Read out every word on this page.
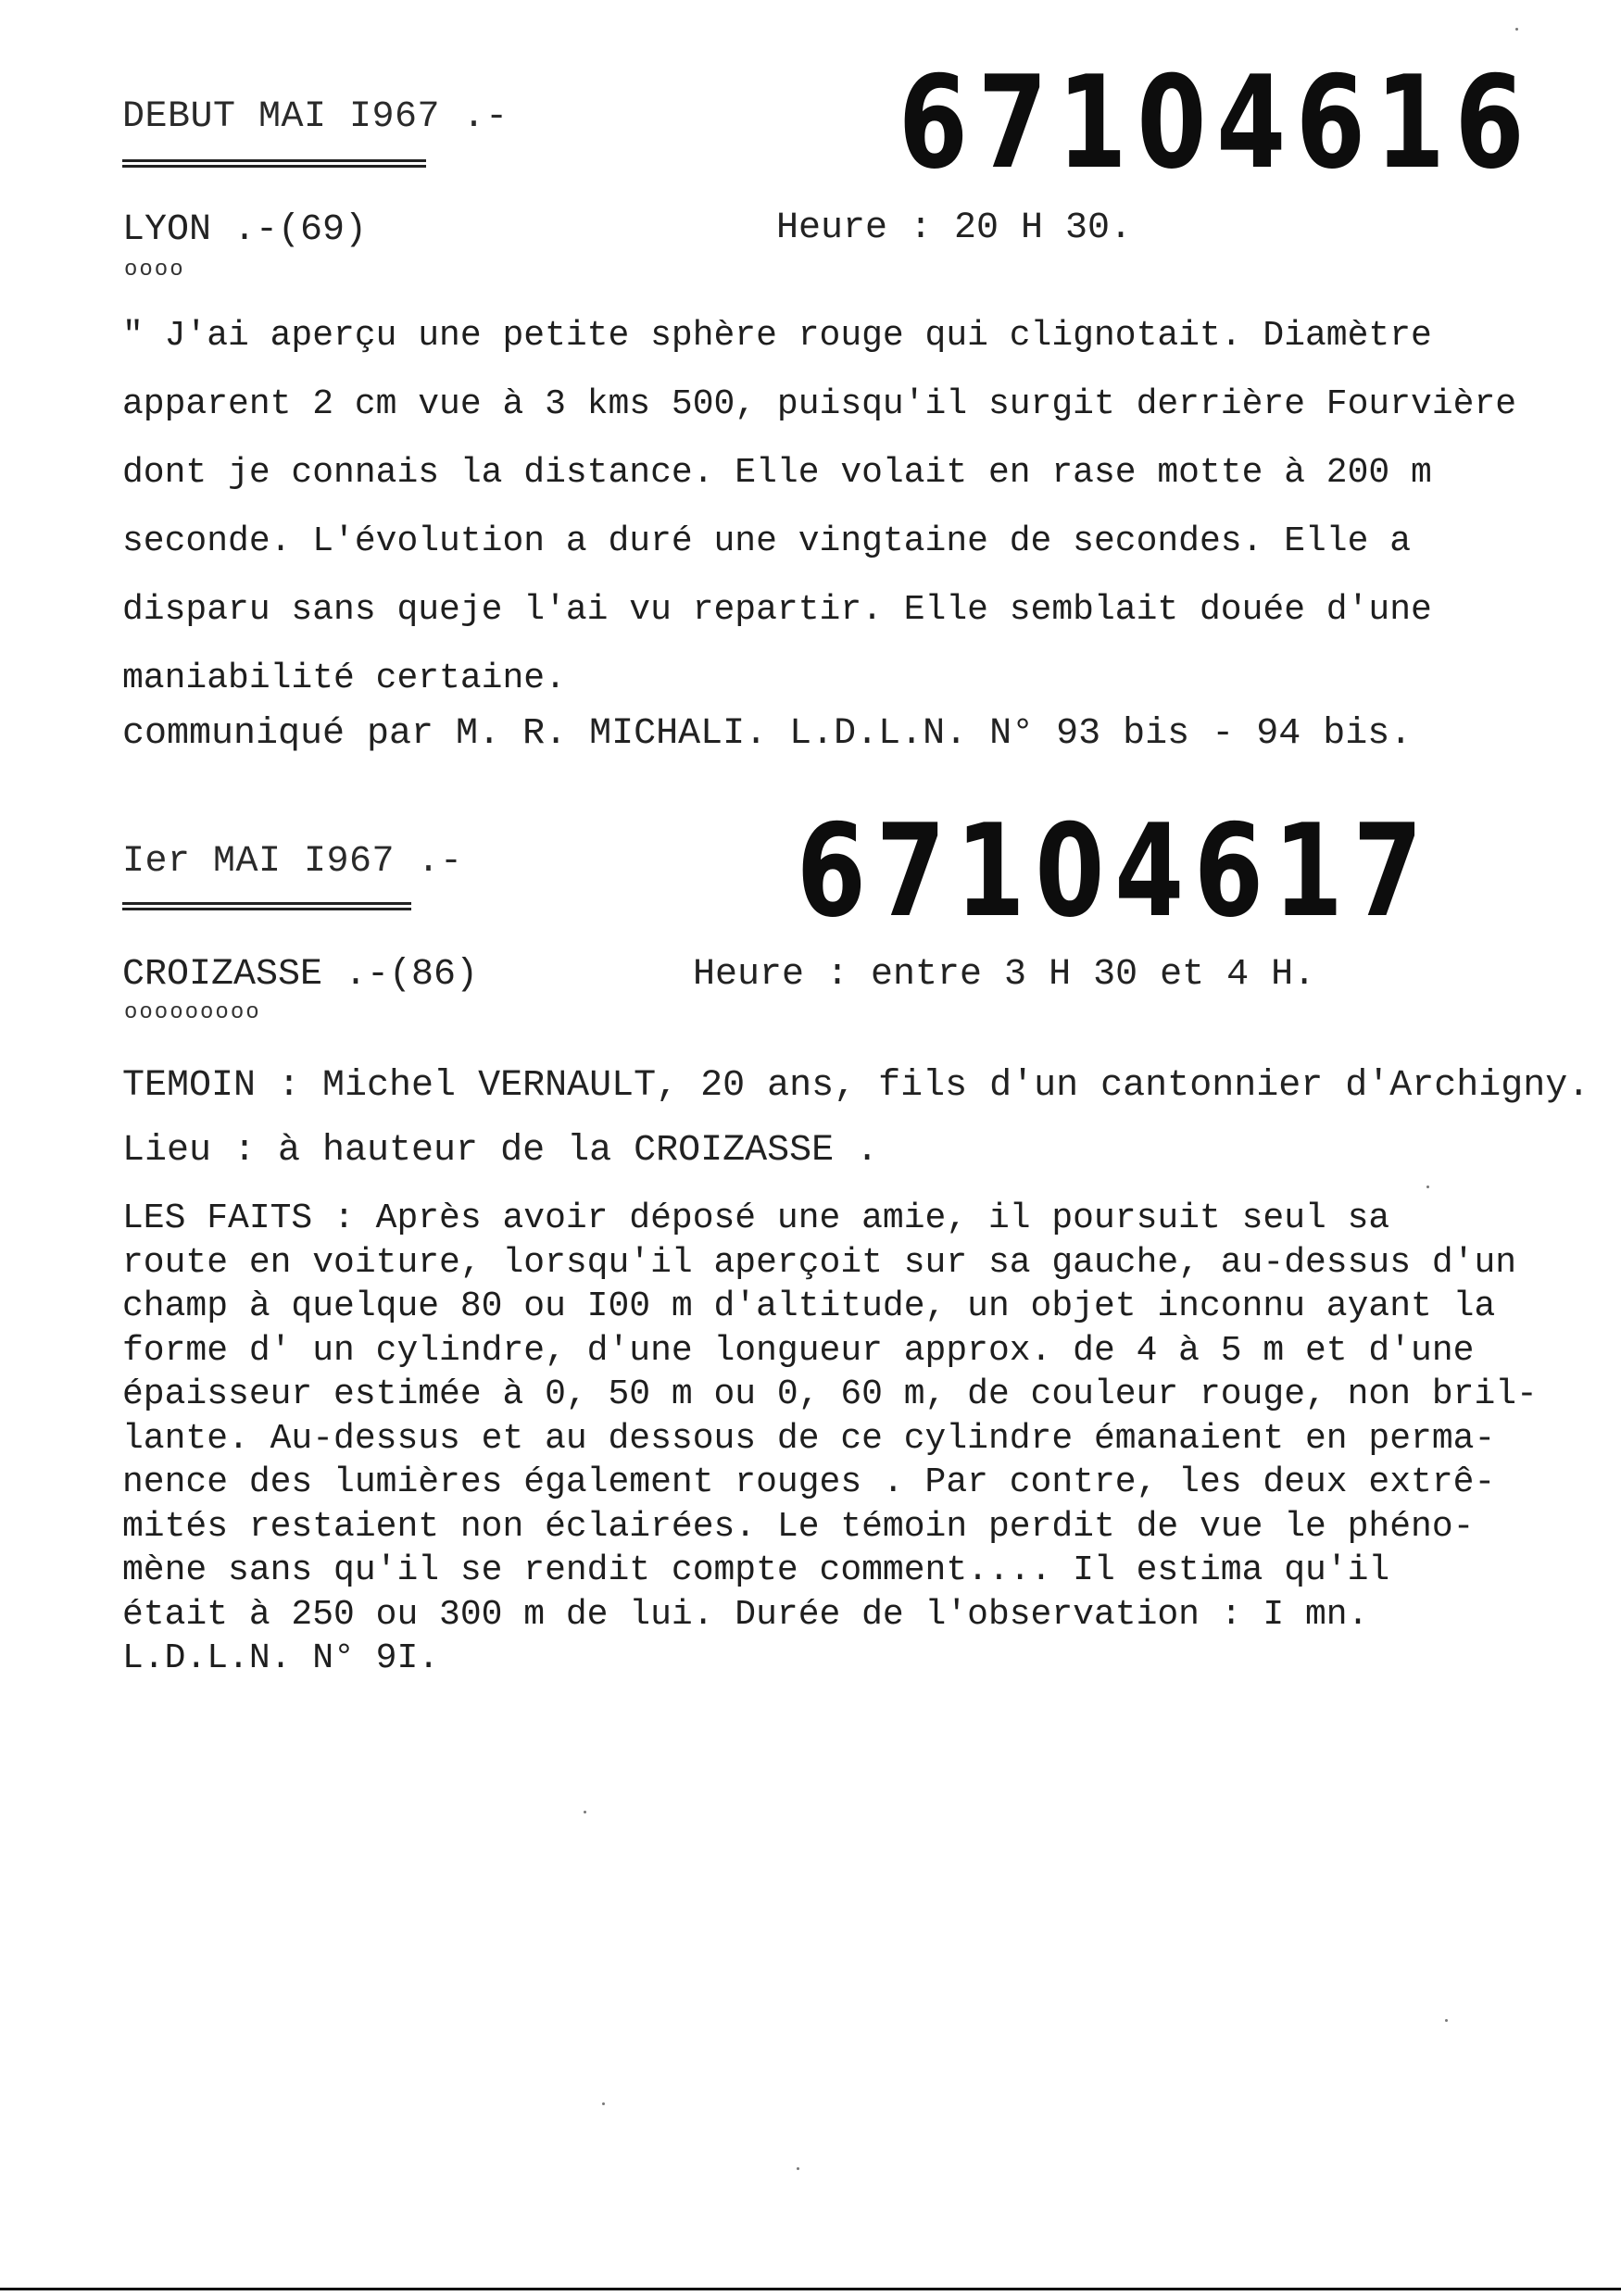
DEBUT MAI I967 .-	67104616
LYON .-(69)
oooo
Heure : 20 H 30.
" J'ai aperçu une petite sphère rouge qui clignotait. Diamètre
apparent 2 cm vue à 3 kms 500, puisqu'il surgit derrière Fourvière
dont je connais la distance. Elle volait en rase motte à 200 m
seconde. L'évolution a duré une vingtaine de secondes. Elle a
disparu sans queje l'ai vu repartir. Elle semblait douée d'une
maniabilité certaine.
communiqué par M. R. MICHALI. L.D.L.N. N° 93 bis - 94 bis.
Ier MAI I967 .-	67104617
CROIZASSE .-(86)
ooooooooo
Heure : entre 3 H 30 et 4 H.
TEMOIN : Michel VERNAULT, 20 ans, fils d'un cantonnier d'Archigny.
Lieu : à hauteur de la CROIZASSE .
LES FAITS : Après avoir déposé une amie, il poursuit seul sa
route en voiture, lorsqu'il aperçoit sur sa gauche, au-dessus d'un
champ à quelque 80 ou I00 m d'altitude, un objet inconnu ayant la
forme d' un cylindre, d'une longueur approx. de 4 à 5 m et d'une
épaisseur estimée à 0, 50 m ou 0, 60 m, de couleur rouge, non bril-
lante. Au-dessus et au dessous de ce cylindre émanaient en perma-
nence des lumières également rouges . Par contre, les deux extrê-
mités restaient non éclairées. Le témoin perdit de vue le phéno-
mène sans qu'il se rendit compte comment.... Il estima qu'il
était à 250 ou 300 m de lui. Durée de l'observation : I mn.
L.D.L.N. N° 9I.
